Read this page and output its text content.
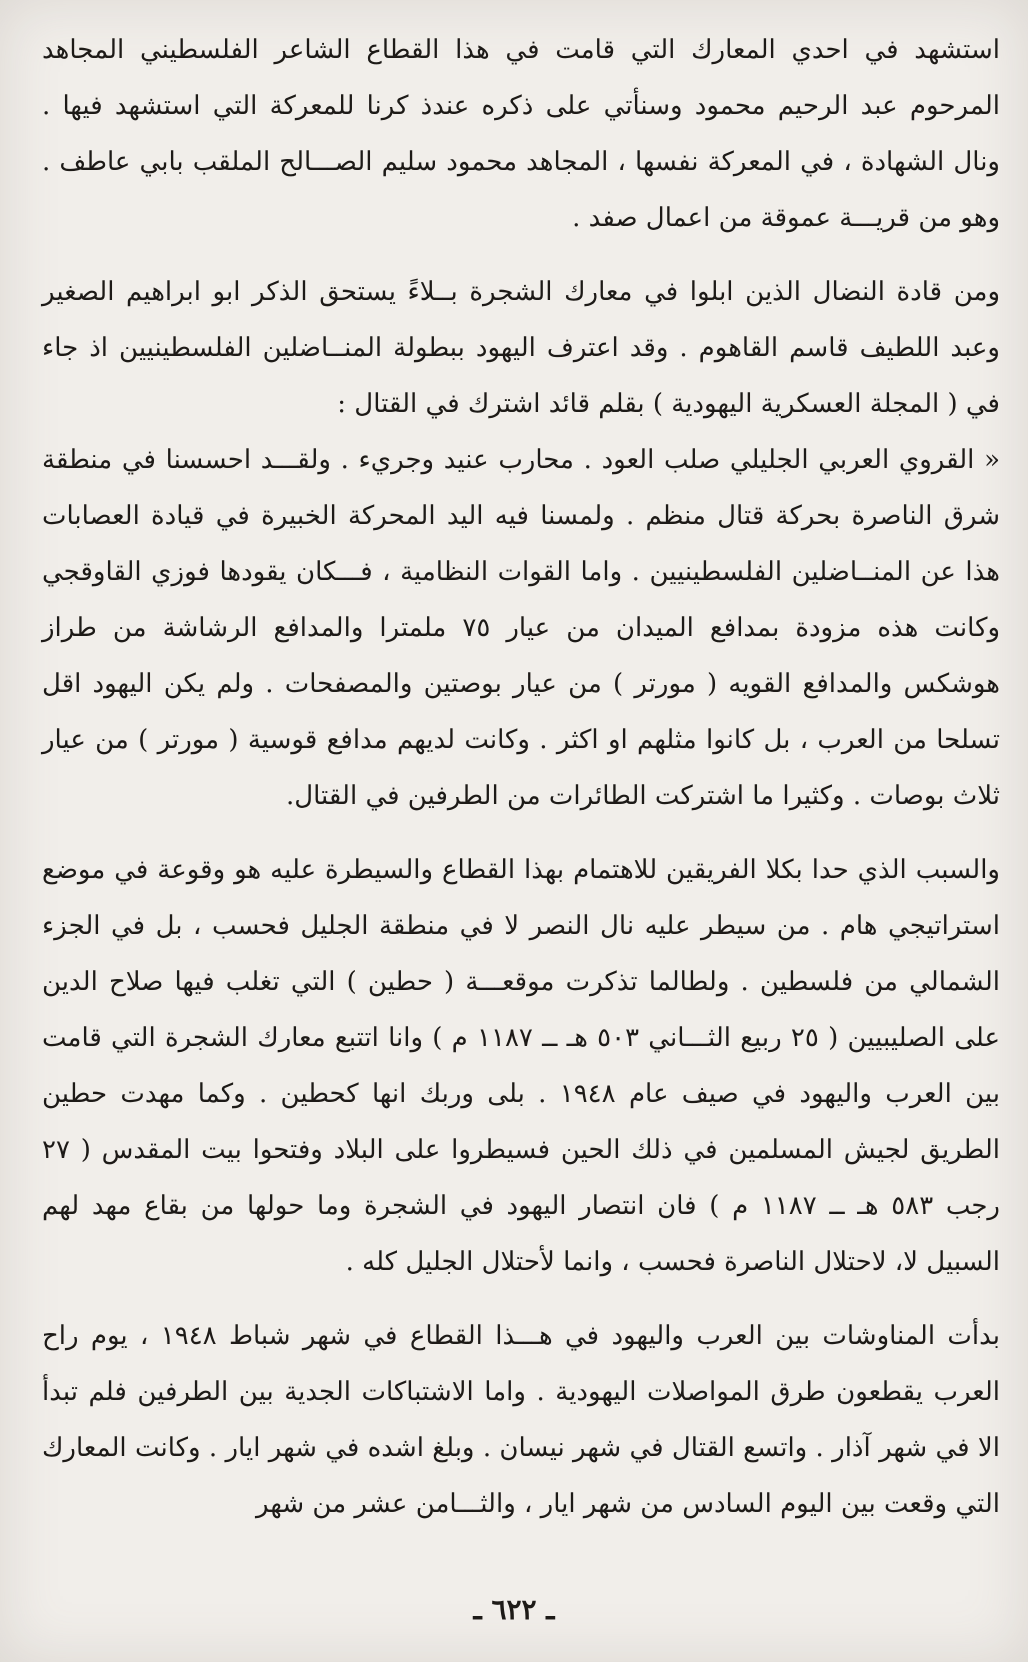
استشهد في احدي المعارك التي قامت في هذا القطاع الشاعر الفلسطيني المجاهد المرحوم عبد الرحيم محمود وسنأتي على ذكره عندذ كرنا للمعركة التي استشهد فيها . ونال الشهادة ، في المعركة نفسها ، المجاهد محمود سليم الصـــالح الملقب بابي عاطف . وهو من قريـــة عموقة من اعمال صفد .

ومن قادة النضال الذين ابلوا في معارك الشجرة بــلاءً يستحق الذكر ابو ابراهيم الصغير وعبد اللطيف قاسم القاهوم . وقد اعترف اليهود ببطولة المنــاضلين الفلسطينيين اذ جاء في ( المجلة العسكرية اليهودية ) بقلم قائد اشترك في القتال :

« القروي العربي الجليلي صلب العود . محارب عنيد وجريء . ولقـــد احسسنا في منطقة شرق الناصرة بحركة قتال منظم . ولمسنا فيه اليد المحركة الخبيرة في قيادة العصابات هذا عن المنــاضلين الفلسطينيين . واما القوات النظامية ، فـــكان يقودها فوزي القاوقجي وكانت هذه مزودة بمدافع الميدان من عيار ٧٥ ملمترا والمدافع الرشاشة من طراز هوشكس والمدافع القويه ( مورتر ) من عيار بوصتين والمصفحات . ولم يكن اليهود اقل تسلحا من العرب ، بل كانوا مثلهم او اكثر . وكانت لديهم مدافع قوسية ( مورتر ) من عيار ثلاث بوصات . وكثيرا ما اشتركت الطائرات من الطرفين في القتال.

والسبب الذي حدا بكلا الفريقين للاهتمام بهذا القطاع والسيطرة عليه هو وقوعة في موضع استراتيجي هام . من سيطر عليه نال النصر لا في منطقة الجليل فحسب ، بل في الجزء الشمالي من فلسطين . ولطالما تذكرت موقعـــة ( حطين ) التي تغلب فيها صلاح الدين على الصليبيين ( ٢٥ ربيع الثـــاني ٥٠٣ هـ ــ ١١٨٧ م ) وانا اتتبع معارك الشجرة التي قامت بين العرب واليهود في صيف عام ١٩٤٨ . بلى وربك انها كحطين . وكما مهدت حطين الطريق لجيش المسلمين في ذلك الحين فسيطروا على البلاد وفتحوا بيت المقدس ( ٢٧ رجب ٥٨٣ هـ ــ ١١٨٧ م ) فان انتصار اليهود في الشجرة وما حولها من بقاع مهد لهم السبيل لا، لاحتلال الناصرة فحسب ، وانما لأحتلال الجليل كله .

بدأت المناوشات بين العرب واليهود في هـــذا القطاع في شهر شباط ١٩٤٨ ، يوم راح العرب يقطعون طرق المواصلات اليهودية . واما الاشتباكات الجدية بين الطرفين فلم تبدأ الا في شهر آذار . واتسع القتال في شهر نيسان . وبلغ اشده في شهر ايار . وكانت المعارك التي وقعت بين اليوم السادس من شهر ايار ، والثـــامن عشر من شهر

ـ ٦٢٢ ـ
